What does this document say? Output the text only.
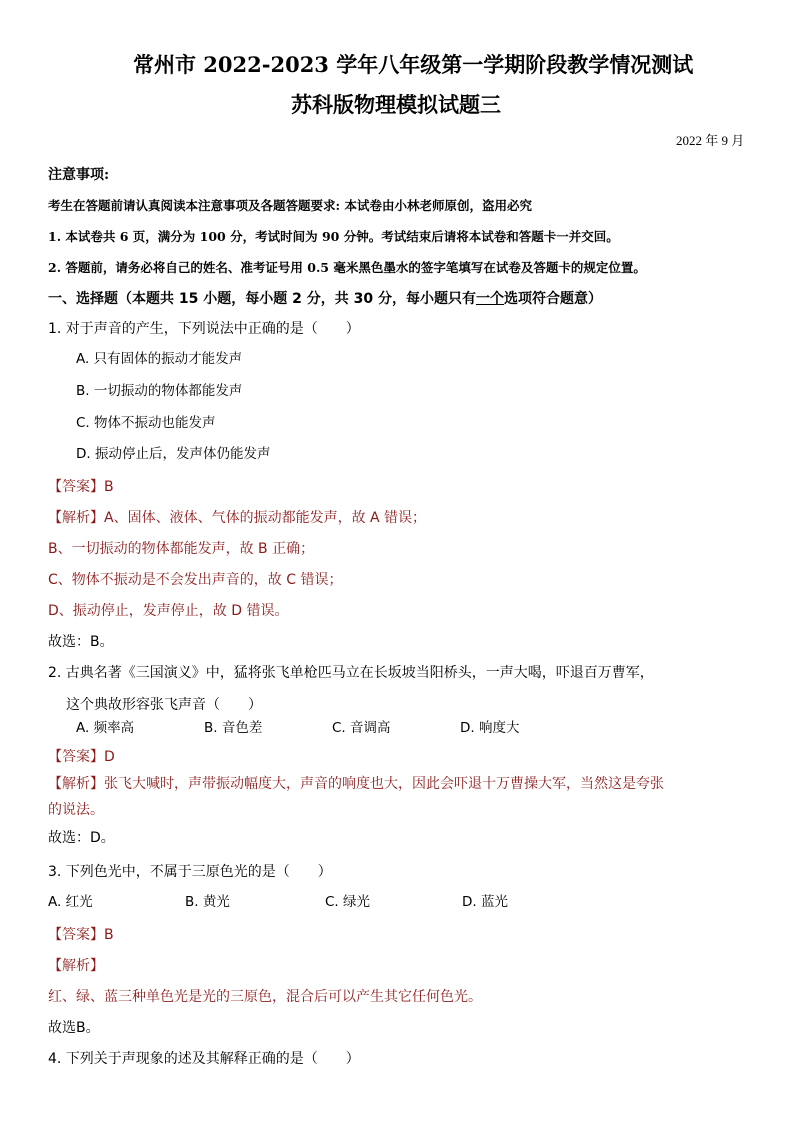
常州市 2022-2023 学年八年级第一学期阶段教学情况测试

苏科版物理模拟试题三

2022 年 9 月

注意事项:

考生在答题前请认真阅读本注意事项及各题答题要求: 本试卷由小林老师原创，盗用必究

1. 本试卷共 6 页，满分为 100 分，考试时间为 90 分钟。考试结束后请将本试卷和答题卡一并交回。

2. 答题前，请务必将自己的姓名、准考证号用 0.5 毫米黑色墨水的签字笔填写在试卷及答题卡的规定位置。

一、选择题（本题共 15 小题，每小题 2 分，共 30 分，每小题只有一个选项符合题意）

1. 对于声音的产生，下列说法中正确的是（　　）

A. 只有固体的振动才能发声

B. 一切振动的物体都能发声

C. 物体不振动也能发声

D. 振动停止后，发声体仍能发声

【答案】B

【解析】A、固体、液体、气体的振动都能发声，故 A 错误；

B、一切振动的物体都能发声，故 B 正确；

C、物体不振动是不会发出声音的，故 C 错误；

D、振动停止，发声停止，故 D 错误。

故选：B。

2. 古典名著《三国演义》中，猛将张飞单枪匹马立在长坂坡当阳桥头，一声大喝，吓退百万曹军，

这个典故形容张飞声音（　　）

A. 频率高	B. 音色差	C. 音调高	D. 响度大

【答案】D

【解析】张飞大喊时，声带振动幅度大，声音的响度也大，因此会吓退十万曹操大军，当然这是夸张

的说法。

故选：D。

3. 下列色光中，不属于三原色光的是（　　）

A. 红光	B. 黄光	C. 绿光	D. 蓝光

【答案】B

【解析】

红、绿、蓝三种单色光是光的三原色，混合后可以产生其它任何色光。

故选B。

4. 下列关于声现象的述及其解释正确的是（　　）
